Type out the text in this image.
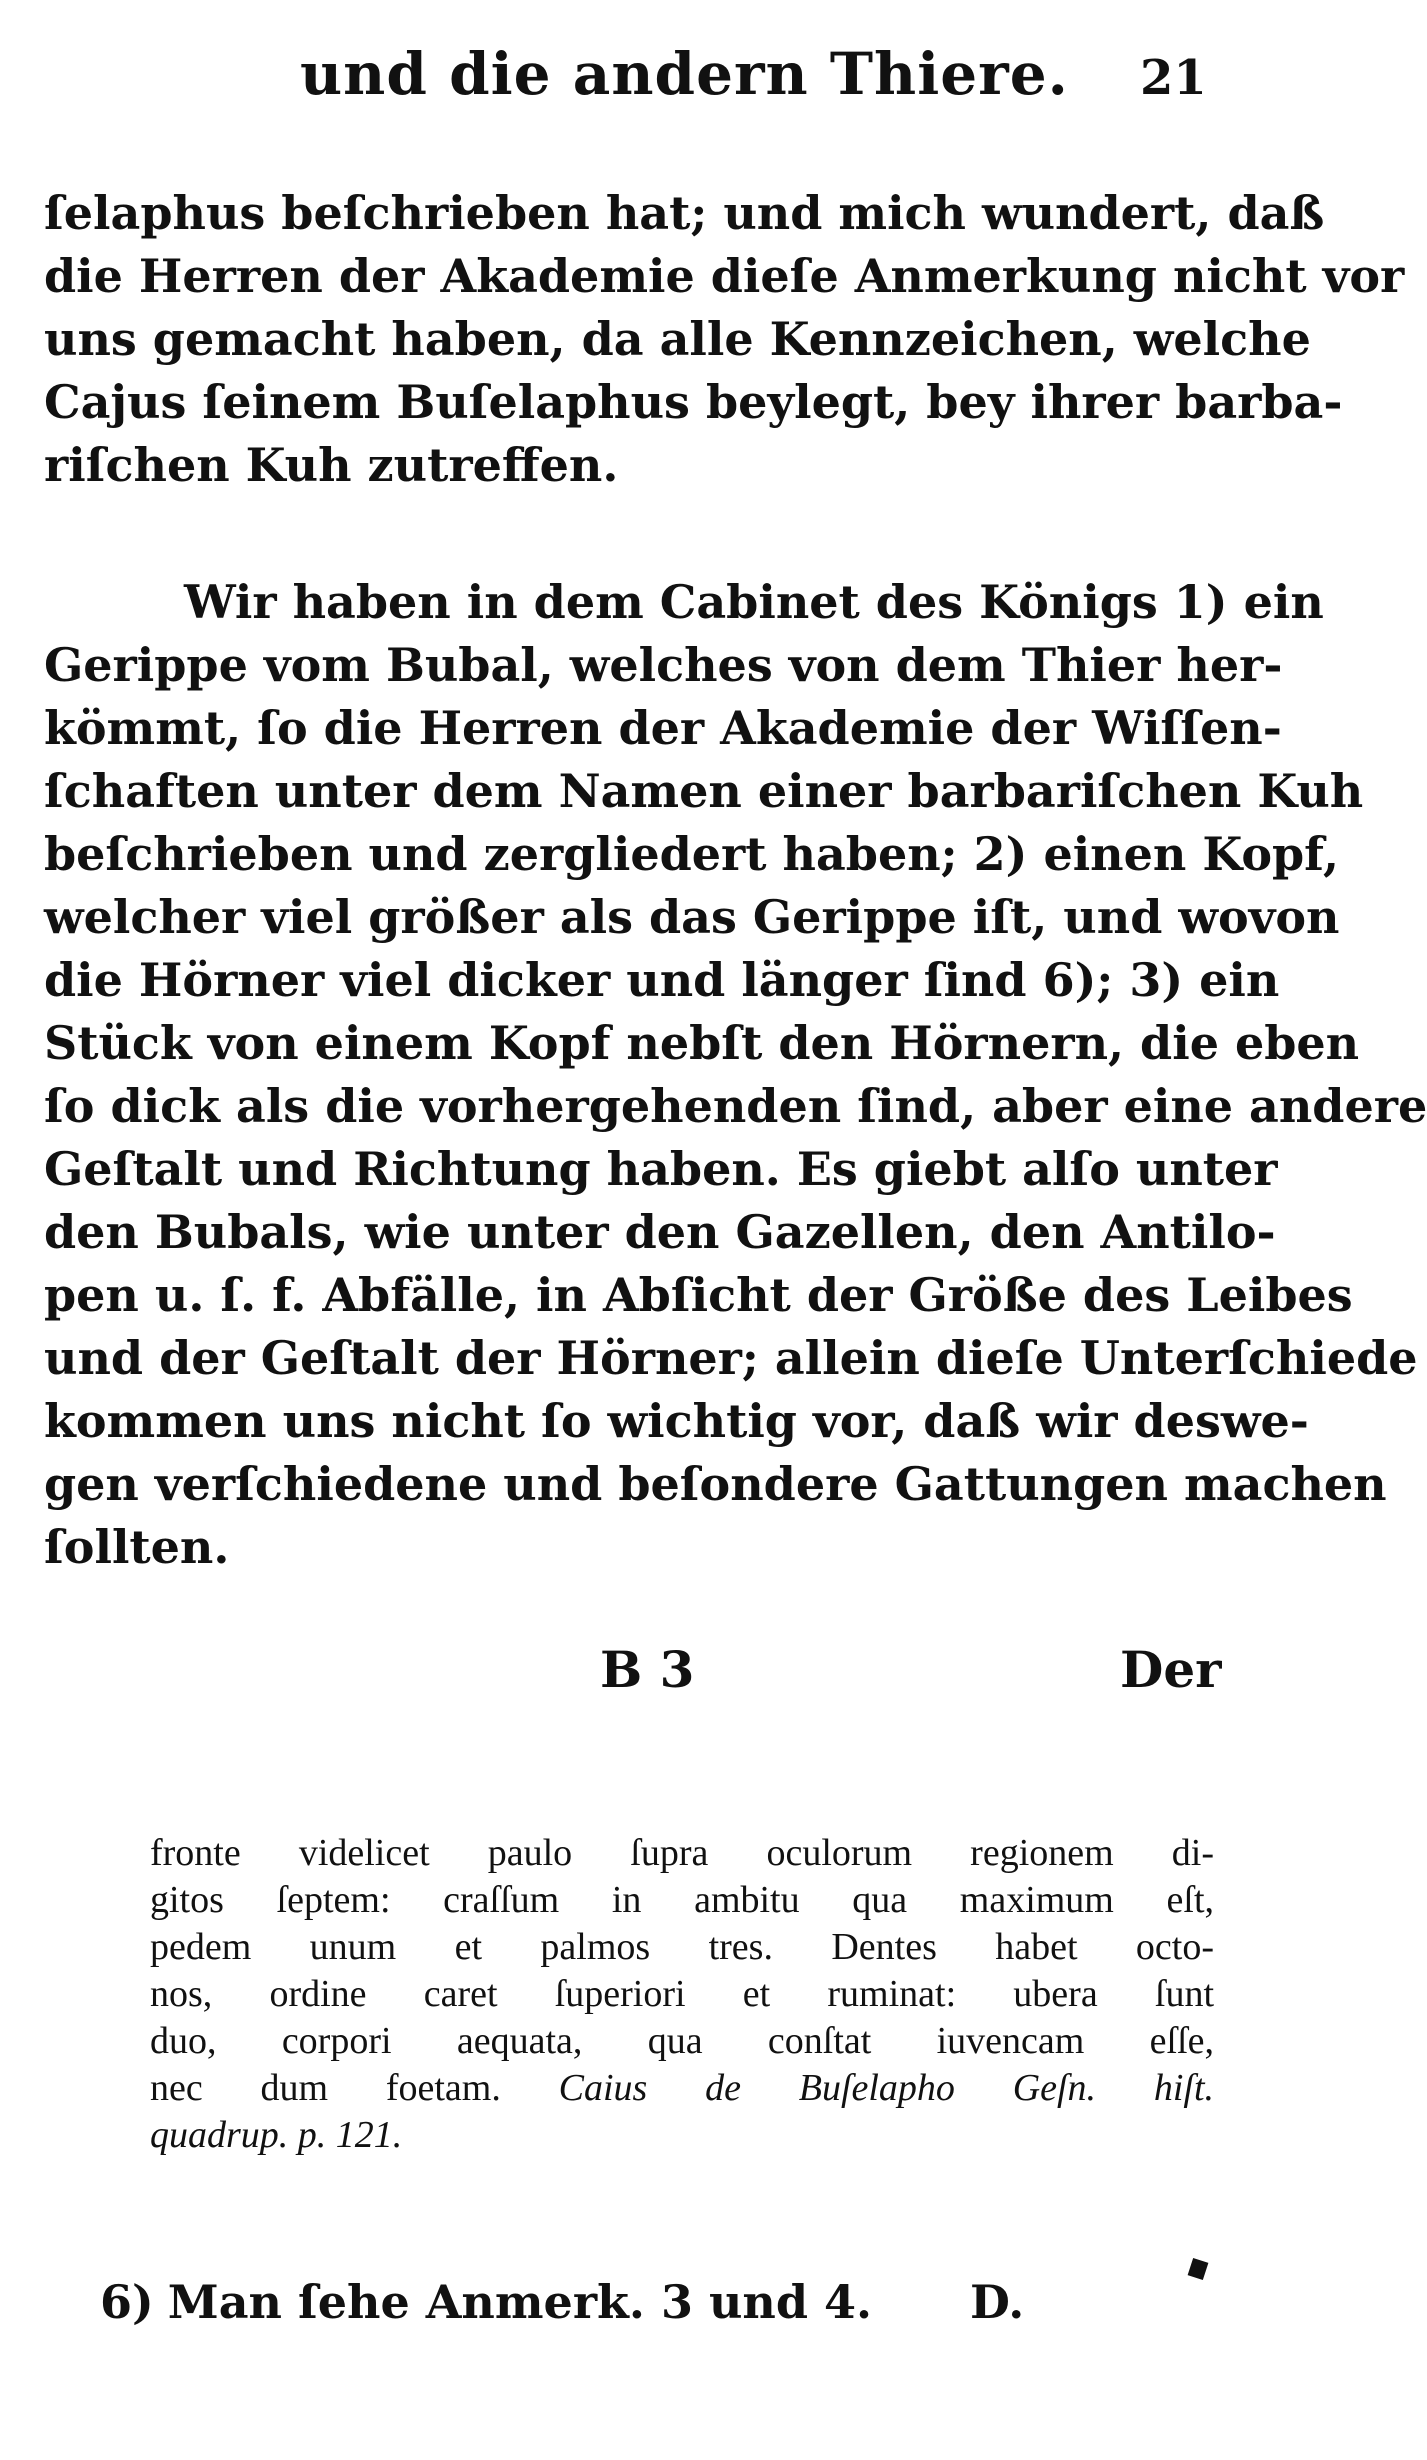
und die andern Thiere. 21
ſelaphus beſchrieben hat; und mich wundert, daß
die Herren der Akademie dieſe Anmerkung nicht vor
uns gemacht haben, da alle Kennzeichen, welche
Cajus ſeinem Buſelaphus beylegt, bey ihrer barba-
riſchen Kuh zutreffen.
Wir haben in dem Cabinet des Königs 1) ein
Gerippe vom Bubal, welches von dem Thier her-
kömmt, ſo die Herren der Akademie der Wiſſen-
ſchaften unter dem Namen einer barbariſchen Kuh
beſchrieben und zergliedert haben; 2) einen Kopf,
welcher viel größer als das Gerippe iſt, und wovon
die Hörner viel dicker und länger ſind 6); 3) ein
Stück von einem Kopf nebſt den Hörnern, die eben
ſo dick als die vorhergehenden ſind, aber eine andere
Geſtalt und Richtung haben. Es giebt alſo unter
den Bubals, wie unter den Gazellen, den Antilo-
pen u. ſ. f. Abfälle, in Abſicht der Größe des Leibes
und der Geſtalt der Hörner; allein dieſe Unterſchiede
kommen uns nicht ſo wichtig vor, daß wir deswe-
gen verſchiedene und beſondere Gattungen machen
ſollten.
B 3	Der
fronte videlicet paulo ſupra oculorum regionem di-
gitos ſeptem: craſſum in ambitu qua maximum eſt,
pedem unum et palmos tres. Dentes habet octo-
nos, ordine caret ſuperiori et ruminat: ubera ſunt
duo, corpori aequata, qua conſtat iuvencam eſſe,
nec dum foetam. Caius de Buſelapho Geſn. hiſt.
quadrup. p. 121.
6) Man ſehe Anmerk. 3 und 4. D.
